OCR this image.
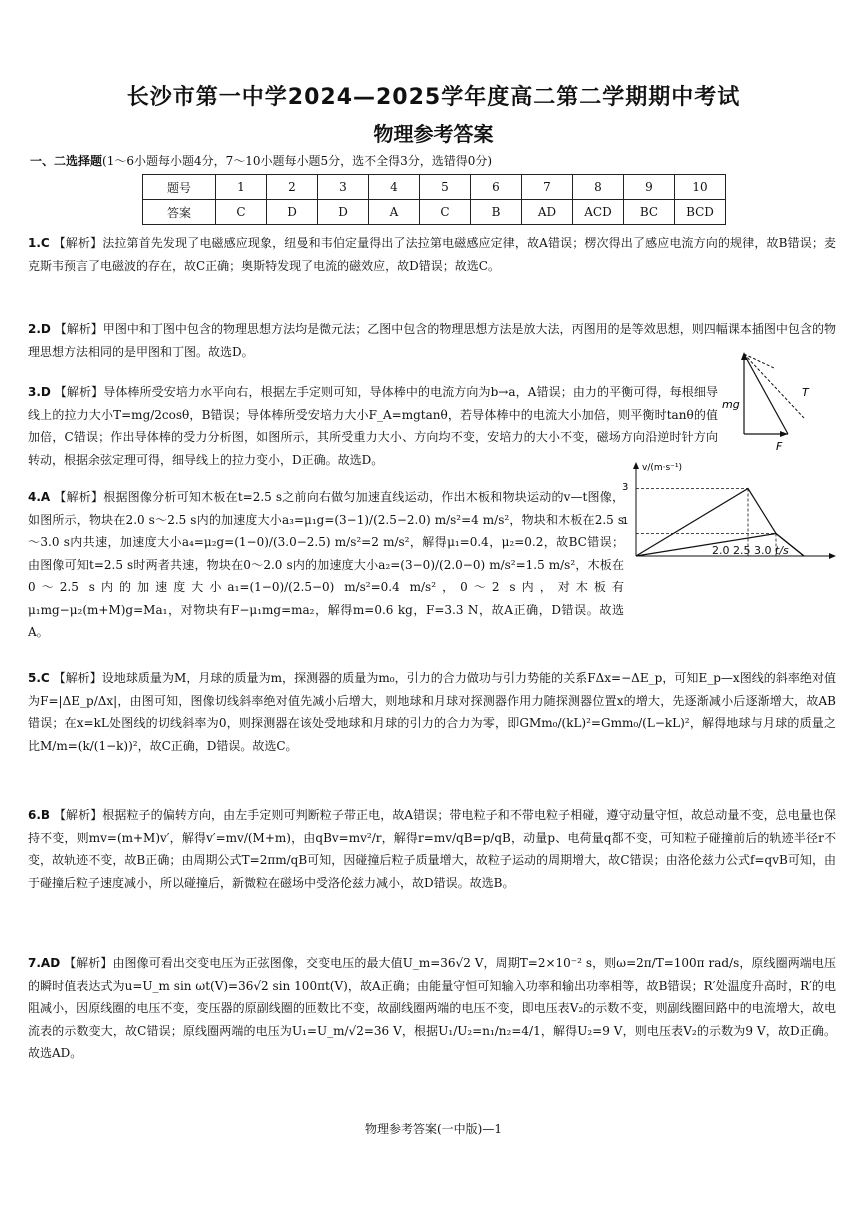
长沙市第一中学2024—2025学年度高二第二学期期中考试
物理参考答案
一、二选择题(1～6小题每小题4分，7～10小题每小题5分，选不全得3分，选错得0分)
题号	1	2	3	4	5	6	7	8	9	10
答案	C	D	D	A	C	B	AD	ACD	BC	BCD
1.C 【解析】法拉第首先发现了电磁感应现象，纽曼和韦伯定量得出了法拉第电磁感应定律，故A错误；楞次得出了感应电流方向的规律，故B错误；麦克斯韦预言了电磁波的存在，故C正确；奥斯特发现了电流的磁效应，故D错误；故选C。
2.D 【解析】甲图中和丁图中包含的物理思想方法均是微元法；乙图中包含的物理思想方法是放大法，丙图用的是等效思想，则四幅课本插图中包含的物理思想方法相同的是甲图和丁图。故选D。
3.D 【解析】导体棒所受安培力水平向右，根据左手定则可知，导体棒中的电流方向为b→a，A错误；由力的平衡可得，每根细导线上的拉力大小T=mg/2cosθ，B错误；导体棒所受安培力大小F_A=mgtanθ，若导体棒中的电流大小加倍，则平衡时tanθ的值加倍，C错误；作出导体棒的受力分析图，如图所示，其所受重力大小、方向均不变，安培力的大小不变，磁场方向沿逆时针方向转动，根据余弦定理可得，细导线上的拉力变小，D正确。故选D。
T
mg
F
4.A 【解析】根据图像分析可知木板在t=2.5 s之前向右做匀加速直线运动，作出木板和物块运动的v—t图像，如图所示，物块在2.0 s～2.5 s内的加速度大小a₃=μ₁g=(3−1)/(2.5−2.0) m/s²=4 m/s²，物块和木板在2.5 s～3.0 s内共速，加速度大小a₄=μ₂g=(1−0)/(3.0−2.5) m/s²=2 m/s²，解得μ₁=0.4，μ₂=0.2，故BC错误；由图像可知t=2.5 s时两者共速，物块在0～2.0 s内的加速度大小a₂=(3−0)/(2.0−0) m/s²=1.5 m/s²，木板在0～2.5 s内的加速度大小a₁=(1−0)/(2.5−0) m/s²=0.4 m/s²，0～2 s内，对木板有μ₁mg−μ₂(m+M)g=Ma₁，对物块有F−μ₁mg=ma₂，解得m=0.6 kg，F=3.3 N，故A正确，D错误。故选A。
v/(m·s⁻¹)
3
1
2.0 2.5 3.0 t/s
5.C 【解析】设地球质量为M，月球的质量为m，探测器的质量为m₀，引力的合力做功与引力势能的关系FΔx=−ΔE_p，可知E_p—x图线的斜率绝对值为F=|ΔE_p/Δx|，由图可知，图像切线斜率绝对值先减小后增大，则地球和月球对探测器作用力随探测器位置x的增大，先逐渐减小后逐渐增大，故AB错误；在x=kL处图线的切线斜率为0，则探测器在该处受地球和月球的引力的合力为零，即GMm₀/(kL)²=Gmm₀/(L−kL)²，解得地球与月球的质量之比M/m=(k/(1−k))²，故C正确，D错误。故选C。
6.B 【解析】根据粒子的偏转方向，由左手定则可判断粒子带正电，故A错误；带电粒子和不带电粒子相碰，遵守动量守恒，故总动量不变，总电量也保持不变，则mv=(m+M)v′，解得v′=mv/(M+m)，由qBv=mv²/r，解得r=mv/qB=p/qB，动量p、电荷量q都不变，可知粒子碰撞前后的轨迹半径r不变，故轨迹不变，故B正确；由周期公式T=2πm/qB可知，因碰撞后粒子质量增大，故粒子运动的周期增大，故C错误；由洛伦兹力公式f=qvB可知，由于碰撞后粒子速度减小，所以碰撞后，新微粒在磁场中受洛伦兹力减小，故D错误。故选B。
7.AD 【解析】由图像可看出交变电压为正弦图像，交变电压的最大值U_m=36√2 V，周期T=2×10⁻² s，则ω=2π/T=100π rad/s，原线圈两端电压的瞬时值表达式为u=U_m sin ωt(V)=36√2 sin 100πt(V)，故A正确；由能量守恒可知输入功率和输出功率相等，故B错误；R′处温度升高时，R′的电阻减小，因原线圈的电压不变，变压器的原副线圈的匝数比不变，故副线圈两端的电压不变，即电压表V₂的示数不变，则副线圈回路中的电流增大，故电流表的示数变大，故C错误；原线圈两端的电压为U₁=U_m/√2=36 V，根据U₁/U₂=n₁/n₂=4/1，解得U₂=9 V，则电压表V₂的示数为9 V，故D正确。故选AD。
物理参考答案(一中版)—1
